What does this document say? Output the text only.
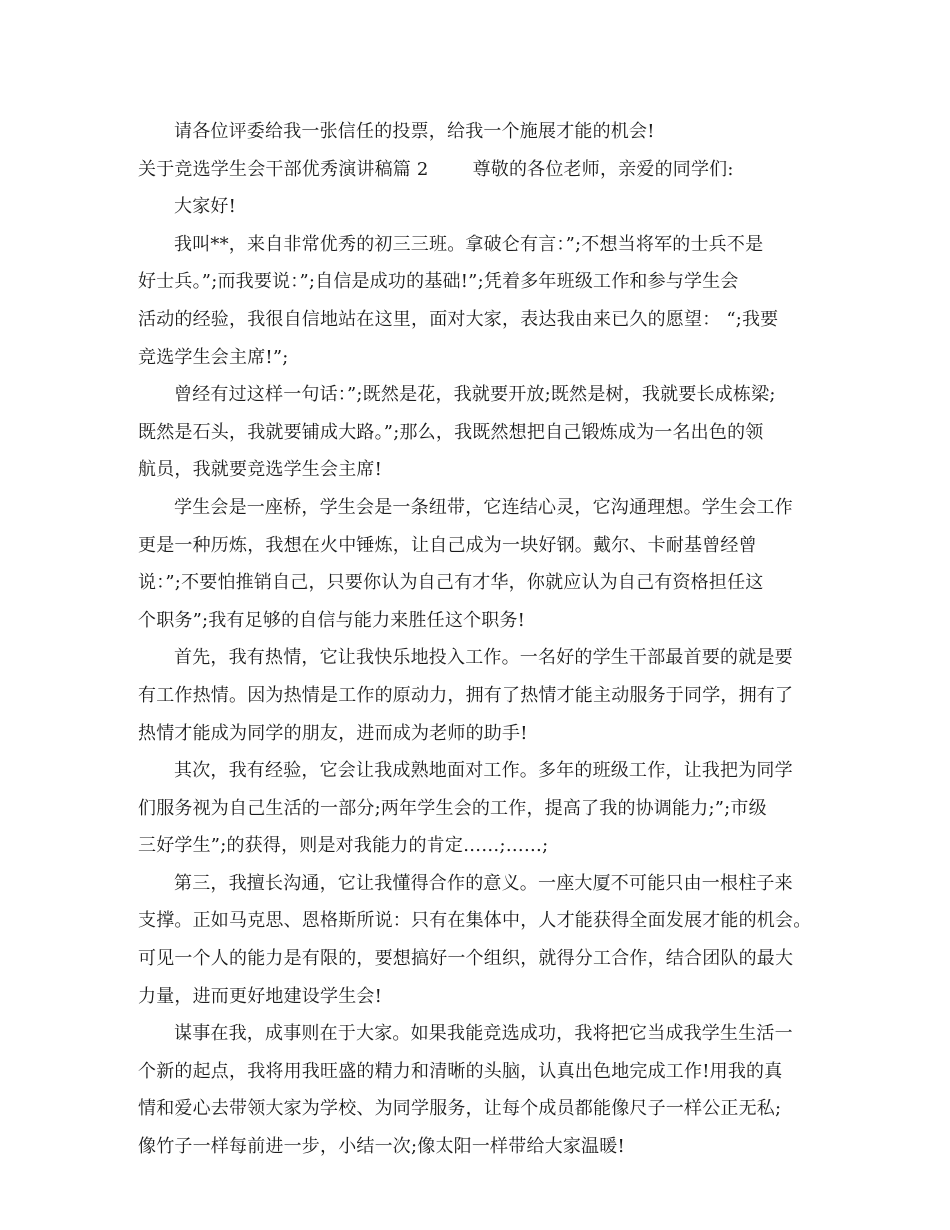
请各位评委给我一张信任的投票，给我一个施展才能的机会!
关于竞选学生会干部优秀演讲稿篇 2 尊敬的各位老师，亲爱的同学们:
大家好!
我叫**，来自非常优秀的初三三班。拿破仑有言：”;不想当将军的士兵不是
好士兵。”;而我要说：”;自信是成功的基础!”;凭着多年班级工作和参与学生会
活动的经验，我很自信地站在这里，面对大家，表达我由来已久的愿望： “;我要
竞选学生会主席!”;
曾经有过这样一句话：”;既然是花，我就要开放;既然是树，我就要长成栋梁;
既然是石头，我就要铺成大路。”;那么，我既然想把自己锻炼成为一名出色的领
航员，我就要竞选学生会主席!
学生会是一座桥，学生会是一条纽带，它连结心灵，它沟通理想。学生会工作
更是一种历炼，我想在火中锤炼，让自己成为一块好钢。戴尔、卡耐基曾经曾
说：”;不要怕推销自己，只要你认为自己有才华，你就应认为自己有资格担任这
个职务”;我有足够的自信与能力来胜任这个职务!
首先，我有热情，它让我快乐地投入工作。一名好的学生干部最首要的就是要
有工作热情。因为热情是工作的原动力，拥有了热情才能主动服务于同学，拥有了
热情才能成为同学的朋友，进而成为老师的助手!
其次，我有经验，它会让我成熟地面对工作。多年的班级工作，让我把为同学
们服务视为自己生活的一部分;两年学生会的工作，提高了我的协调能力;”;市级
三好学生”;的获得，则是对我能力的肯定……;……;
第三，我擅长沟通，它让我懂得合作的意义。一座大厦不可能只由一根柱子来
支撑。正如马克思、恩格斯所说：只有在集体中，人才能获得全面发展才能的机会。
可见一个人的能力是有限的，要想搞好一个组织，就得分工合作，结合团队的最大
力量，进而更好地建设学生会!
谋事在我，成事则在于大家。如果我能竞选成功，我将把它当成我学生生活一
个新的起点，我将用我旺盛的精力和清晰的头脑，认真出色地完成工作!用我的真
情和爱心去带领大家为学校、为同学服务，让每个成员都能像尺子一样公正无私;
像竹子一样每前进一步，小结一次;像太阳一样带给大家温暖!
